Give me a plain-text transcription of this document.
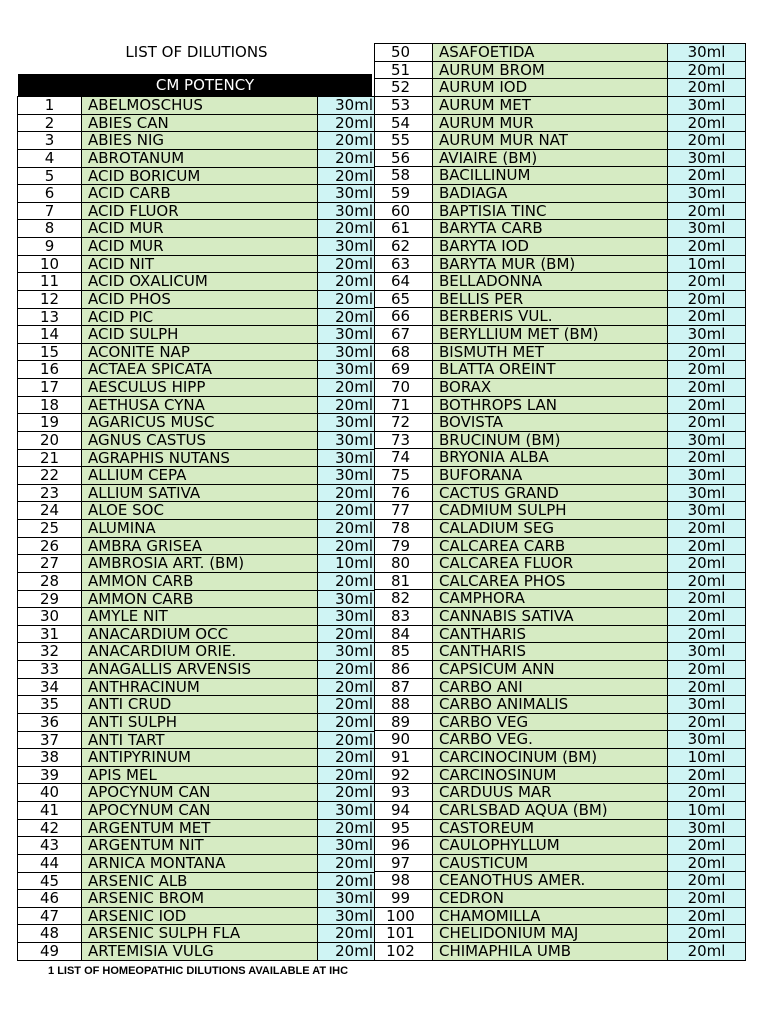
LIST OF DILUTIONS
CM POTENCY
1	ABELMOSCHUS	30ml
2	ABIES CAN	20ml
3	ABIES NIG	20ml
4	ABROTANUM	20ml
5	ACID BORICUM	20ml
6	ACID CARB	30ml
7	ACID FLUOR	30ml
8	ACID MUR	20ml
9	ACID MUR	30ml
10	ACID NIT	20ml
11	ACID OXALICUM	20ml
12	ACID PHOS	20ml
13	ACID PIC	20ml
14	ACID SULPH	30ml
15	ACONITE NAP	30ml
16	ACTAEA SPICATA	30ml
17	AESCULUS HIPP	20ml
18	AETHUSA CYNA	20ml
19	AGARICUS MUSC	30ml
20	AGNUS CASTUS	30ml
21	AGRAPHIS NUTANS	30ml
22	ALLIUM CEPA	30ml
23	ALLIUM SATIVA	20ml
24	ALOE SOC	20ml
25	ALUMINA	20ml
26	AMBRA GRISEA	20ml
27	AMBROSIA ART. (BM)	10ml
28	AMMON CARB	20ml
29	AMMON CARB	30ml
30	AMYLE NIT	30ml
31	ANACARDIUM OCC	20ml
32	ANACARDIUM ORIE.	30ml
33	ANAGALLIS ARVENSIS	20ml
34	ANTHRACINUM	20ml
35	ANTI CRUD	20ml
36	ANTI SULPH	20ml
37	ANTI TART	20ml
38	ANTIPYRINUM	20ml
39	APIS MEL	20ml
40	APOCYNUM CAN	20ml
41	APOCYNUM CAN	30ml
42	ARGENTUM MET	20ml
43	ARGENTUM NIT	30ml
44	ARNICA MONTANA	20ml
45	ARSENIC ALB	20ml
46	ARSENIC BROM	30ml
47	ARSENIC IOD	30ml
48	ARSENIC SULPH FLA	20ml
49	ARTEMISIA VULG	20ml
50	ASAFOETIDA	30ml
51	AURUM BROM	20ml
52	AURUM IOD	20ml
53	AURUM MET	30ml
54	AURUM MUR	20ml
55	AURUM MUR NAT	20ml
56	AVIAIRE (BM)	30ml
58	BACILLINUM	20ml
59	BADIAGA	30ml
60	BAPTISIA TINC	20ml
61	BARYTA CARB	30ml
62	BARYTA IOD	20ml
63	BARYTA MUR (BM)	10ml
64	BELLADONNA	20ml
65	BELLIS PER	20ml
66	BERBERIS VUL.	20ml
67	BERYLLIUM MET (BM)	30ml
68	BISMUTH MET	20ml
69	BLATTA OREINT	20ml
70	BORAX	20ml
71	BOTHROPS LAN	20ml
72	BOVISTA	20ml
73	BRUCINUM (BM)	30ml
74	BRYONIA ALBA	20ml
75	BUFORANA	30ml
76	CACTUS GRAND	30ml
77	CADMIUM SULPH	30ml
78	CALADIUM SEG	20ml
79	CALCAREA CARB	20ml
80	CALCAREA FLUOR	20ml
81	CALCAREA PHOS	20ml
82	CAMPHORA	20ml
83	CANNABIS SATIVA	20ml
84	CANTHARIS	20ml
85	CANTHARIS	30ml
86	CAPSICUM ANN	20ml
87	CARBO ANI	20ml
88	CARBO ANIMALIS	30ml
89	CARBO VEG	20ml
90	CARBO VEG.	30ml
91	CARCINOCINUM (BM)	10ml
92	CARCINOSINUM	20ml
93	CARDUUS MAR	20ml
94	CARLSBAD AQUA (BM)	10ml
95	CASTOREUM	30ml
96	CAULOPHYLLUM	20ml
97	CAUSTICUM	20ml
98	CEANOTHUS AMER.	20ml
99	CEDRON	20ml
100	CHAMOMILLA	20ml
101	CHELIDONIUM MAJ	20ml
102	CHIMAPHILA UMB	20ml
1 LIST OF HOMEOPATHIC DILUTIONS AVAILABLE AT IHC
